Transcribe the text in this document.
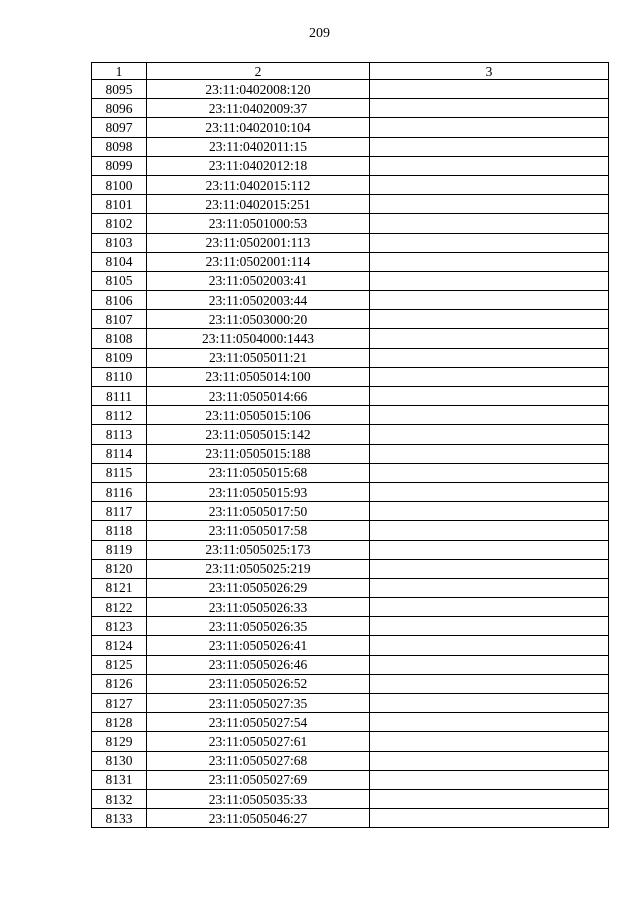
209
1	2	3
8095	23:11:0402008:120	
8096	23:11:0402009:37	
8097	23:11:0402010:104	
8098	23:11:0402011:15	
8099	23:11:0402012:18	
8100	23:11:0402015:112	
8101	23:11:0402015:251	
8102	23:11:0501000:53	
8103	23:11:0502001:113	
8104	23:11:0502001:114	
8105	23:11:0502003:41	
8106	23:11:0502003:44	
8107	23:11:0503000:20	
8108	23:11:0504000:1443	
8109	23:11:0505011:21	
8110	23:11:0505014:100	
8111	23:11:0505014:66	
8112	23:11:0505015:106	
8113	23:11:0505015:142	
8114	23:11:0505015:188	
8115	23:11:0505015:68	
8116	23:11:0505015:93	
8117	23:11:0505017:50	
8118	23:11:0505017:58	
8119	23:11:0505025:173	
8120	23:11:0505025:219	
8121	23:11:0505026:29	
8122	23:11:0505026:33	
8123	23:11:0505026:35	
8124	23:11:0505026:41	
8125	23:11:0505026:46	
8126	23:11:0505026:52	
8127	23:11:0505027:35	
8128	23:11:0505027:54	
8129	23:11:0505027:61	
8130	23:11:0505027:68	
8131	23:11:0505027:69	
8132	23:11:0505035:33	
8133	23:11:0505046:27	
